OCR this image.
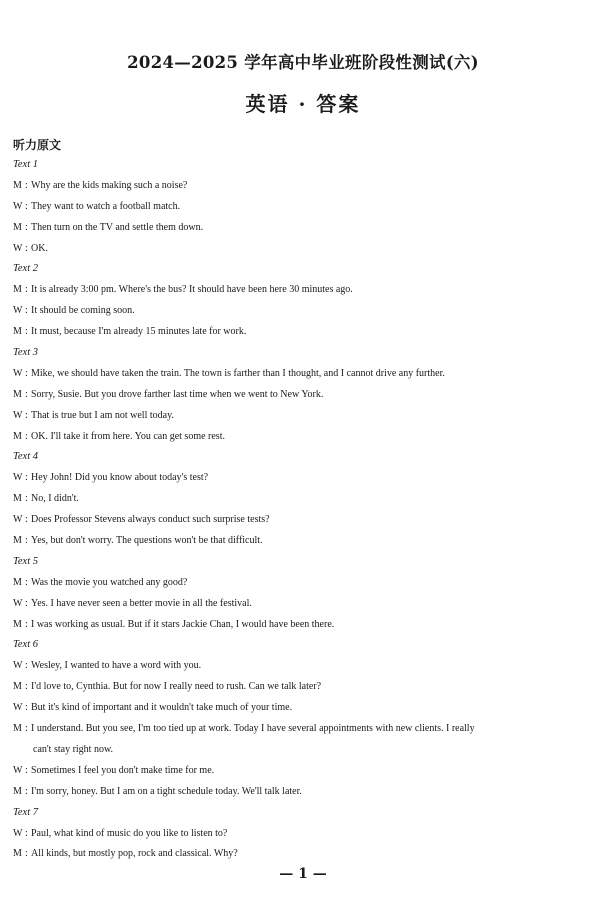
2024—2025 学年高中毕业班阶段性测试(六)
英语 · 答案
听力原文
Text 1
M : Why are the kids making such a noise?
W : They want to watch a football match.
M : Then turn on the TV and settle them down.
W : OK.
Text 2
M : It is already 3:00 pm. Where's the bus? It should have been here 30 minutes ago.
W : It should be coming soon.
M : It must, because I'm already 15 minutes late for work.
Text 3
W : Mike, we should have taken the train. The town is farther than I thought, and I cannot drive any further.
M : Sorry, Susie. But you drove farther last time when we went to New York.
W : That is true but I am not well today.
M : OK. I'll take it from here. You can get some rest.
Text 4
W : Hey John! Did you know about today's test?
M : No, I didn't.
W : Does Professor Stevens always conduct such surprise tests?
M : Yes, but don't worry. The questions won't be that difficult.
Text 5
M : Was the movie you watched any good?
W : Yes. I have never seen a better movie in all the festival.
M : I was working as usual. But if it stars Jackie Chan, I would have been there.
Text 6
W : Wesley, I wanted to have a word with you.
M : I'd love to, Cynthia. But for now I really need to rush. Can we talk later?
W : But it's kind of important and it wouldn't take much of your time.
M : I understand. But you see, I'm too tied up at work. Today I have several appointments with new clients. I really
can't stay right now.
W : Sometimes I feel you don't make time for me.
M : I'm sorry, honey. But I am on a tight schedule today. We'll talk later.
Text 7
W : Paul, what kind of music do you like to listen to?
M : All kinds, but mostly pop, rock and classical. Why?
— 1 —
